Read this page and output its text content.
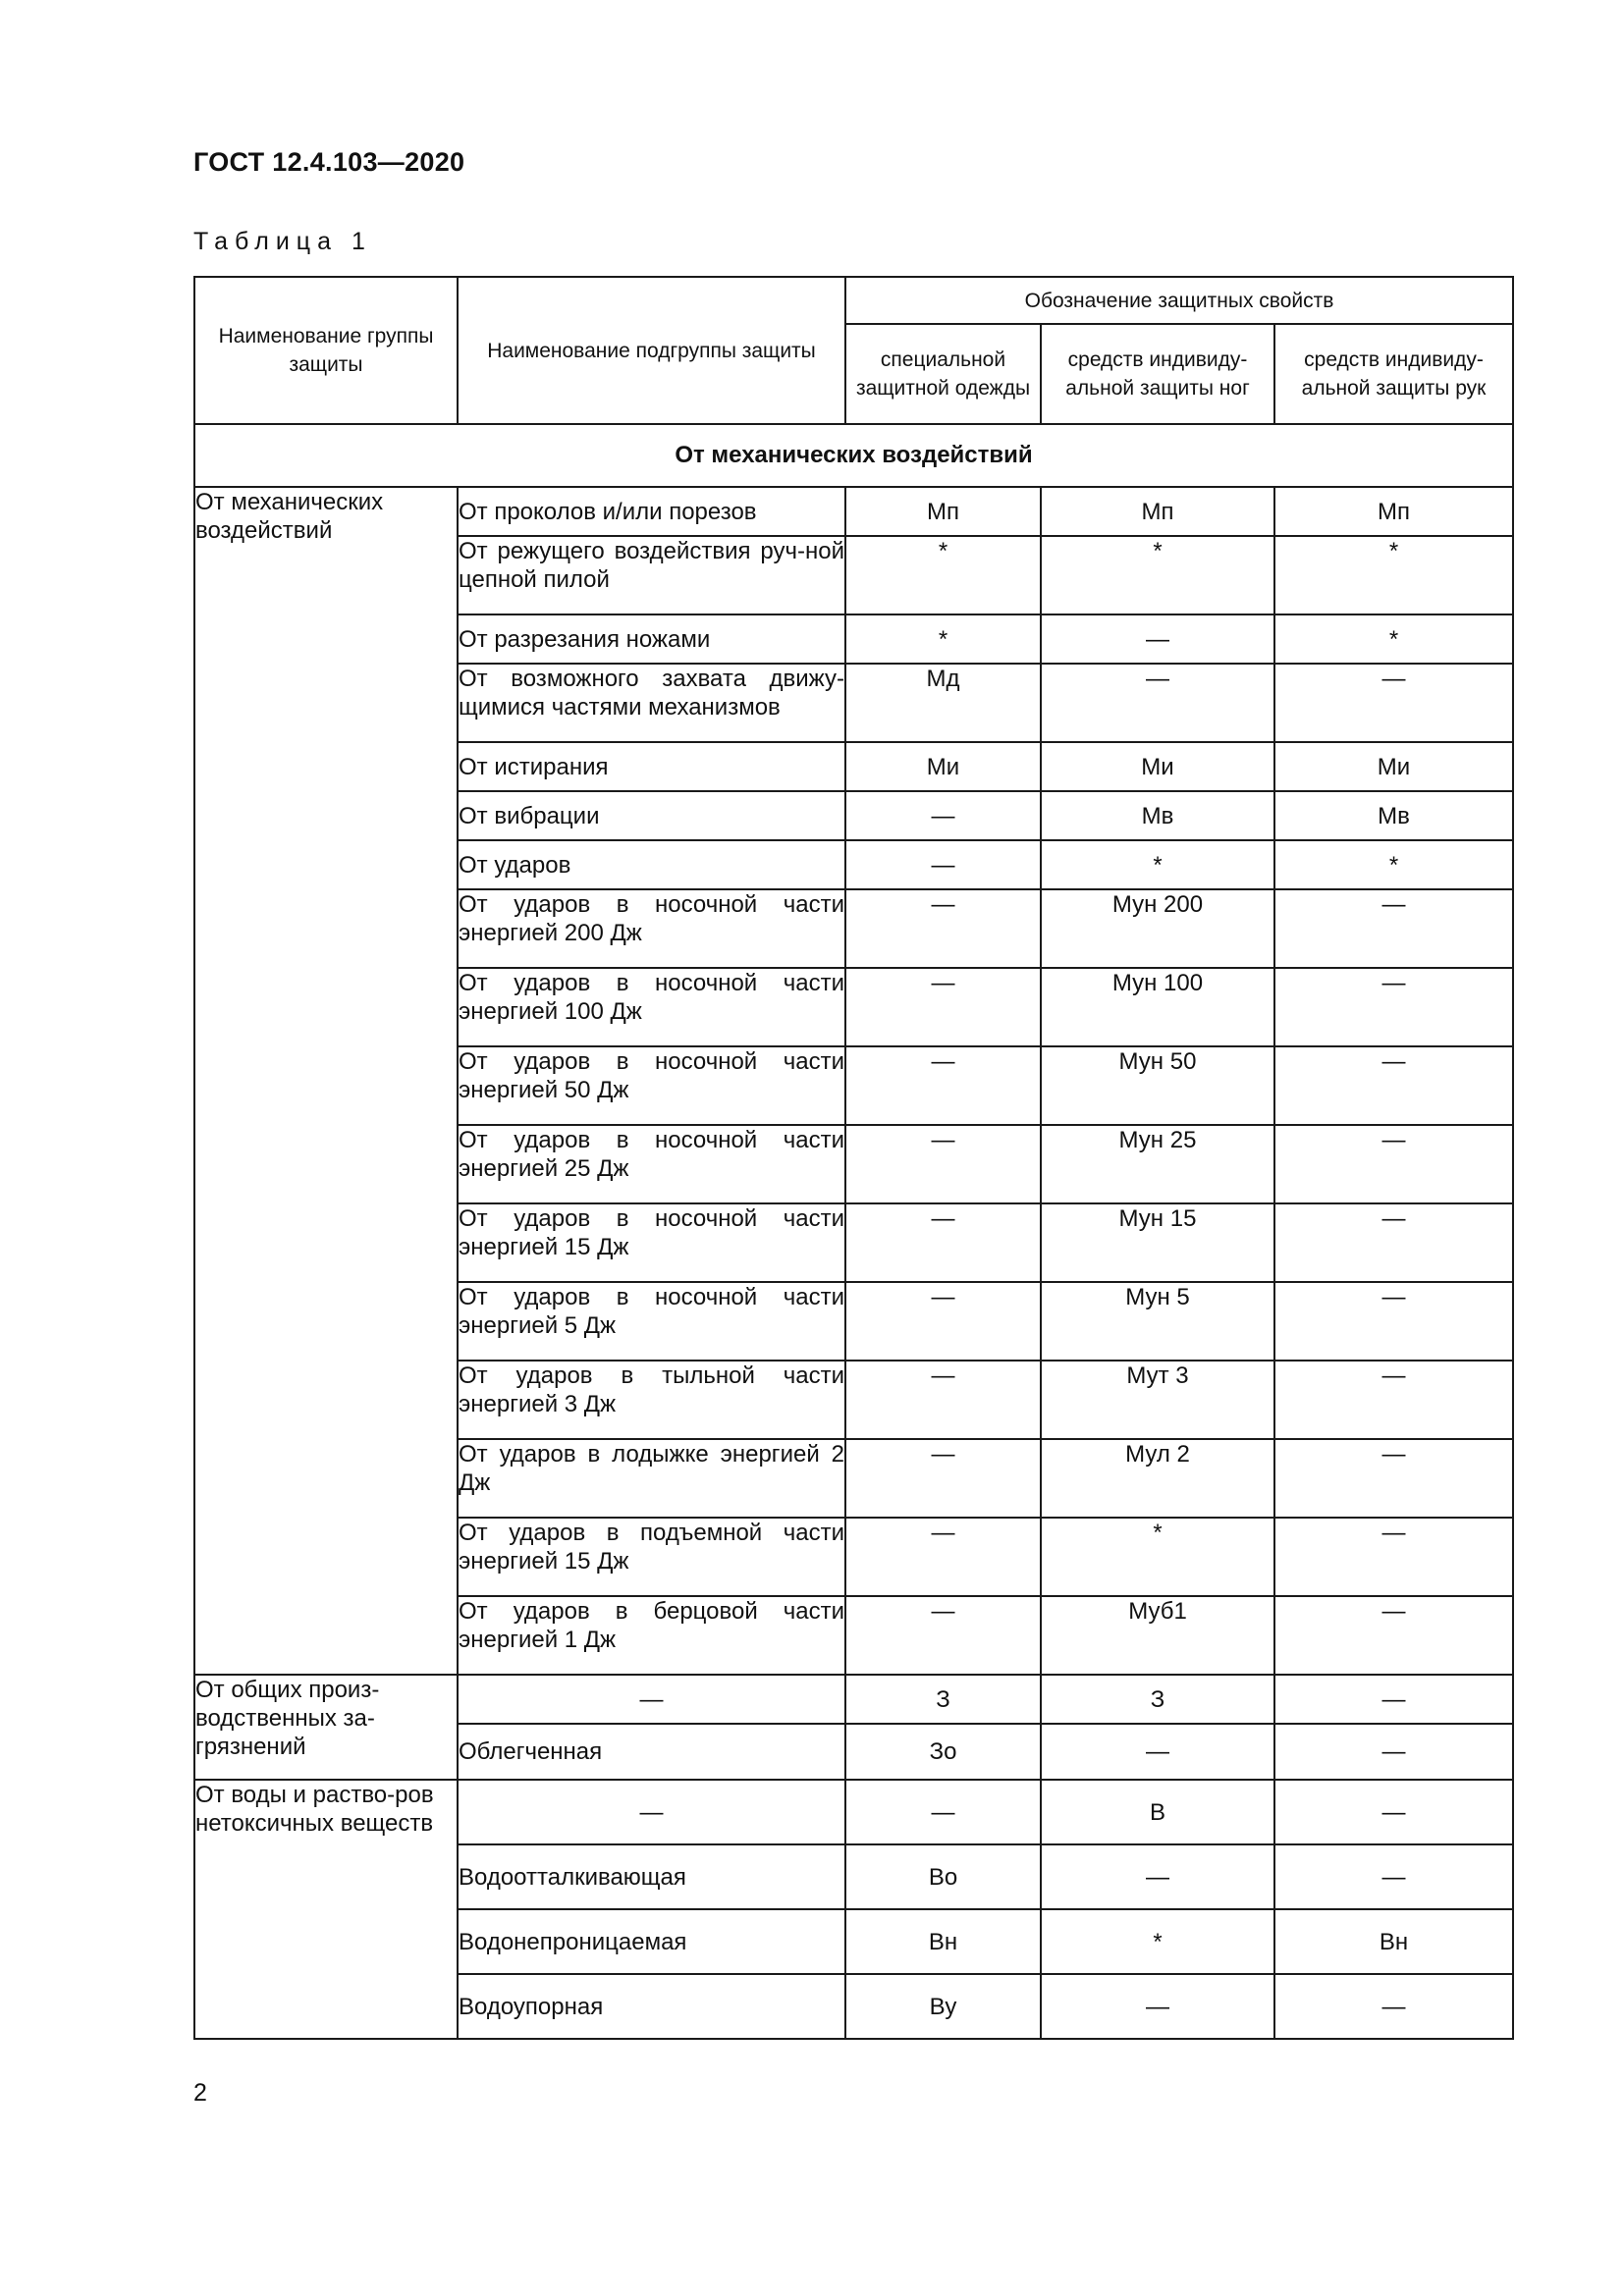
ГОСТ 12.4.103—2020
Таблица 1
Наименование группы защиты	Наименование подгруппы защиты	Обозначение защитных свойств		
		специальной защитной одежды	средств индивиду-альной защиты ног	средств индивиду-альной защиты рук
От механических воздействий				
От механических воздействий	От проколов и/или порезов	Мп	Мп	Мп
	От режущего воздействия руч-ной цепной пилой	*	*	*
	От разрезания ножами	*	—	*
	От возможного захвата движу-щимися частями механизмов	Мд	—	—
	От истирания	Ми	Ми	Ми
	От вибрации	—	Мв	Мв
	От ударов	—	*	*
	От ударов в носочной части энергией 200 Дж	—	Мун 200	—
	От ударов в носочной части энергией 100 Дж	—	Мун 100	—
	От ударов в носочной части энергией 50 Дж	—	Мун 50	—
	От ударов в носочной части энергией 25 Дж	—	Мун 25	—
	От ударов в носочной части энергией 15 Дж	—	Мун 15	—
	От ударов в носочной части энергией 5 Дж	—	Мун 5	—
	От ударов в тыльной части энергией 3 Дж	—	Мут 3	—
	От ударов в лодыжке энергией 2 Дж	—	Мул 2	—
	От ударов в подъемной части энергией 15 Дж	—	*	—
	От ударов в берцовой части энергией 1 Дж	—	Муб1	—
От общих произ-водственных за-грязнений	—	З	З	—
	Облегченная	Зо	—	—
От воды и раство-ров нетоксичных веществ	—	—	В	—
	Водоотталкивающая	Во	—	—
	Водонепроницаемая	Вн	*	Вн
	Водоупорная	Ву	—	—
2
